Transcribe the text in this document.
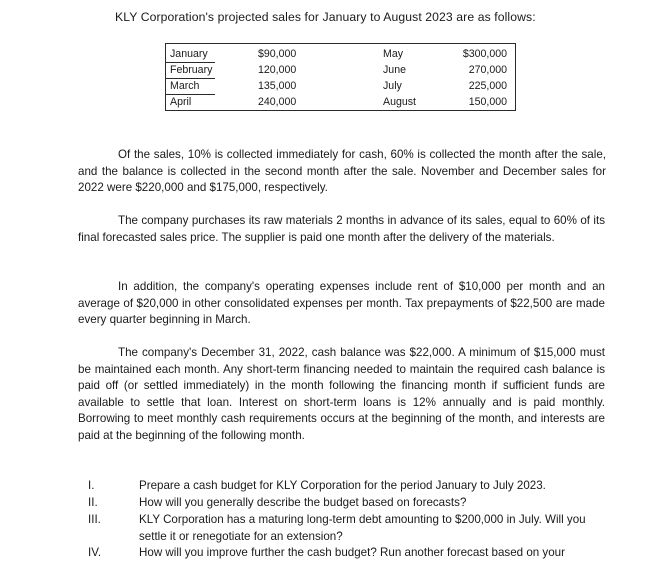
KLY Corporation's projected sales for January to August 2023 are as follows:
January	$90,000	May	$300,000
February	120,000	June	270,000
March	135,000	July	225,000
April	240,000	August	150,000

Of the sales, 10% is collected immediately for cash, 60% is collected the month after the sale, and the balance is collected in the second month after the sale. November and December sales for 2022 were $220,000 and $175,000, respectively.

The company purchases its raw materials 2 months in advance of its sales, equal to 60% of its final forecasted sales price. The supplier is paid one month after the delivery of the materials.

In addition, the company's operating expenses include rent of $10,000 per month and an average of $20,000 in other consolidated expenses per month. Tax prepayments of $22,500 are made every quarter beginning in March.

The company's December 31, 2022, cash balance was $22,000. A minimum of $15,000 must be maintained each month. Any short-term financing needed to maintain the required cash balance is paid off (or settled immediately) in the month following the financing month if sufficient funds are available to settle that loan. Interest on short-term loans is 12% annually and is paid monthly. Borrowing to meet monthly cash requirements occurs at the beginning of the month, and interests are paid at the beginning of the following month.

I.	Prepare a cash budget for KLY Corporation for the period January to July 2023.
II.	How will you generally describe the budget based on forecasts?
III.	KLY Corporation has a maturing long-term debt amounting to $200,000 in July. Will you settle it or renegotiate for an extension?
IV.	How will you improve further the cash budget? Run another forecast based on your
